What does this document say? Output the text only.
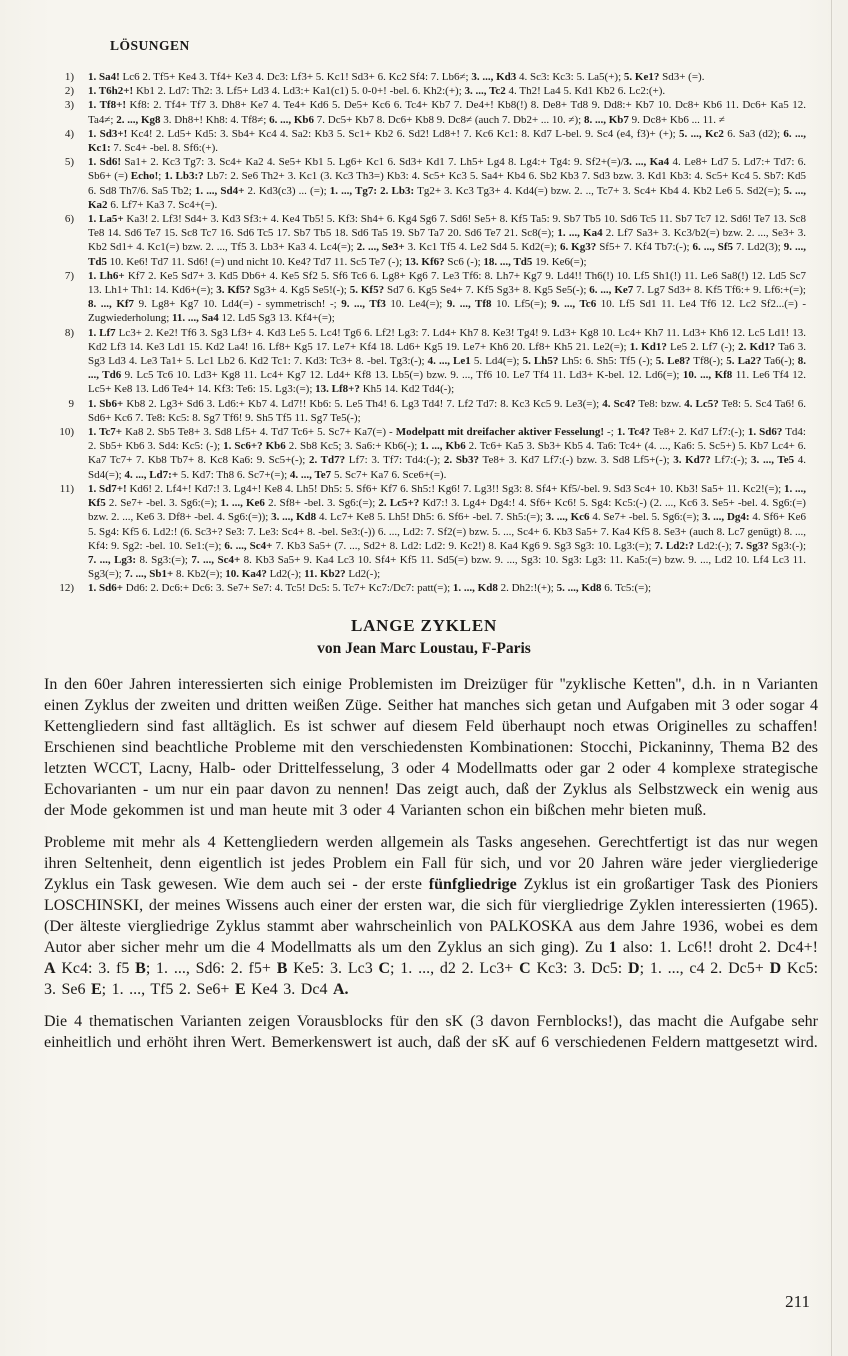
LÖSUNGEN
1)	1. Sa4! Lc6 2. Tf5+ Ke4 3. Tf4+ Ke3 4. Dc3: Lf3+ 5. Kc1! Sd3+ 6. Kc2 Sf4: 7. Lb6≠; 3. ..., Kd3 4. Sc3: Kc3: 5. La5(+); 5. Ke1? Sd3+ (=).
2)	1. T6h2+! Kb1 2. Ld7: Th2: 3. Lf5+ Ld3 4. Ld3:+ Ka1(c1) 5. 0-0+! -bel. 6. Kh2:(+); 3. ..., Tc2 4. Th2! La4 5. Kd1 Kb2 6. Lc2:(+).
3)	1. Tf8+! Kf8: 2. Tf4+ Tf7 3. Dh8+ Ke7 4. Te4+ Kd6 5. De5+ Kc6 6. Tc4+ Kb7 7. De4+! Kb8(!) 8. De8+ Td8 9. Dd8:+ Kb7 10. Dc8+ Kb6 11. Dc6+ Ka5 12. Ta4≠; 2. ..., Kg8 3. Dh8+! Kh8: 4. Tf8≠; 6. ..., Kb6 7. Dc5+ Kb7 8. Dc6+ Kb8 9. Dc8≠ (auch 7. Db2+ ... 10. ≠); 8. ..., Kb7 9. Dc8+ Kb6 ... 11. ≠
4)	1. Sd3+! Kc4! 2. Ld5+ Kd5: 3. Sb4+ Kc4 4. Sa2: Kb3 5. Sc1+ Kb2 6. Sd2! Ld8+! 7. Kc6 Kc1: 8. Kd7 L-bel. 9. Sc4 (e4, f3)+ (+); 5. ..., Kc2 6. Sa3 (d2); 6. ..., Kc1: 7. Sc4+ -bel. 8. Sf6:(+).
5)	1. Sd6! Sa1+ 2. Kc3 Tg7: 3. Sc4+ Ka2 4. Se5+ Kb1 5. Lg6+ Kc1 6. Sd3+ Kd1 7. Lh5+ Lg4 8. Lg4:+ Tg4: 9. Sf2+(=)/3. ..., Ka4 4. Le8+ Ld7 5. Ld7:+ Td7: 6. Sb6+ (=) Echo!; 1. Lb3:? Lb7: 2. Se6 Th2+ 3. Kc1 (3. Kc3 Th3=) Kb3: 4. Sc5+ Kc3 5. Sa4+ Kb4 6. Sb2 Kb3 7. Sd3 bzw. 3. Kd1 Kb3: 4. Sc5+ Kc4 5. Sb7: Kd5 6. Sd8 Th7/6. Sa5 Tb2; 1. ..., Sd4+ 2. Kd3(c3) ... (=); 1. ..., Tg7: 2. Lb3: Tg2+ 3. Kc3 Tg3+ 4. Kd4(=) bzw. 2. .., Tc7+ 3. Sc4+ Kb4 4. Kb2 Le6 5. Sd2(=); 5. ..., Ka2 6. Lf7+ Ka3 7. Sc4+(=).
6)	1. La5+ Ka3! 2. Lf3! Sd4+ 3. Kd3 Sf3:+ 4. Ke4 Tb5! 5. Kf3: Sh4+ 6. Kg4 Sg6 7. Sd6! Se5+ 8. Kf5 Ta5: 9. Sb7 Tb5 10. Sd6 Tc5 11. Sb7 Tc7 12. Sd6! Te7 13. Sc8 Te8 14. Sd6 Te7 15. Sc8 Tc7 16. Sd6 Tc5 17. Sb7 Tb5 18. Sd6 Ta5 19. Sb7 Ta7 20. Sd6 Te7 21. Sc8(=); 1. ..., Ka4 2. Lf7 Sa3+ 3. Kc3/b2(=) bzw. 2. ..., Se3+ 3. Kb2 Sd1+ 4. Kc1(=) bzw. 2. ..., Tf5 3. Lb3+ Ka3 4. Lc4(=); 2. ..., Se3+ 3. Kc1 Tf5 4. Le2 Sd4 5. Kd2(=); 6. Kg3? Sf5+ 7. Kf4 Tb7:(-); 6. ..., Sf5 7. Ld2(3); 9. ..., Td5 10. Ke6! Td7 11. Sd6! (=) und nicht 10. Ke4? Td7 11. Sc5 Te7 (-); 13. Kf6? Sc6 (-); 18. ..., Td5 19. Ke6(=);
7)	1. Lh6+ Kf7 2. Ke5 Sd7+ 3. Kd5 Db6+ 4. Ke5 Sf2 5. Sf6 Tc6 6. Lg8+ Kg6 7. Le3 Tf6: 8. Lh7+ Kg7 9. Ld4!! Th6(!) 10. Lf5 Sh1(!) 11. Le6 Sa8(!) 12. Ld5 Sc7 13. Lh1+ Th1: 14. Kd6+(=); 3. Kf5? Sg3+ 4. Kg5 Se5!(-); 5. Kf5? Sd7 6. Kg5 Se4+ 7. Kf5 Sg3+ 8. Kg5 Se5(-); 6. ..., Ke7 7. Lg7 Sd3+ 8. Kf5 Tf6:+ 9. Lf6:+(=); 8. ..., Kf7 9. Lg8+ Kg7 10. Ld4(=) - symmetrisch! -; 9. ..., Tf3 10. Le4(=); 9. ..., Tf8 10. Lf5(=); 9. ..., Tc6 10. Lf5 Sd1 11. Le4 Tf6 12. Lc2 Sf2...(=) - Zugwiederholung; 11. ..., Sa4 12. Ld5 Sg3 13. Kf4+(=);
8)	1. Lf7 Lc3+ 2. Ke2! Tf6 3. Sg3 Lf3+ 4. Kd3 Le5 5. Lc4! Tg6 6. Lf2! Lg3: 7. Ld4+ Kh7 8. Ke3! Tg4! 9. Ld3+ Kg8 10. Lc4+ Kh7 11. Ld3+ Kh6 12. Lc5 Ld1! 13. Kd2 Lf3 14. Ke3 Ld1 15. Kd2 La4! 16. Lf8+ Kg5 17. Le7+ Kf4 18. Ld6+ Kg5 19. Le7+ Kh6 20. Lf8+ Kh5 21. Le2(=); 1. Kd1? Le5 2. Lf7 (-); 2. Kd1? Ta6 3. Sg3 Ld3 4. Le3 Ta1+ 5. Lc1 Lb2 6. Kd2 Tc1: 7. Kd3: Tc3+ 8. -bel. Tg3:(-); 4. ..., Le1 5. Ld4(=); 5. Lh5? Lh5: 6. Sh5: Tf5 (-); 5. Le8? Tf8(-); 5. La2? Ta6(-); 8. ..., Td6 9. Lc5 Tc6 10. Ld3+ Kg8 11. Lc4+ Kg7 12. Ld4+ Kf8 13. Lb5(=) bzw. 9. ..., Tf6 10. Le7 Tf4 11. Ld3+ K-bel. 12. Ld6(=); 10. ..., Kf8 11. Le6 Tf4 12. Lc5+ Ke8 13. Ld6 Te4+ 14. Kf3: Te6: 15. Lg3:(=); 13. Lf8+? Kh5 14. Kd2 Td4(-);
9	1. Sb6+ Kb8 2. Lg3+ Sd6 3. Ld6:+ Kb7 4. Ld7!! Kb6: 5. Le5 Th4! 6. Lg3 Td4! 7. Lf2 Td7: 8. Kc3 Kc5 9. Le3(=); 4. Sc4? Te8: bzw. 4. Lc5? Te8: 5. Sc4 Ta6! 6. Sd6+ Kc6 7. Te8: Kc5: 8. Sg7 Tf6! 9. Sh5 Tf5 11. Sg7 Te5(-);
10)	1. Tc7+ Ka8 2. Sb5 Te8+ 3. Sd8 Lf5+ 4. Td7 Tc6+ 5. Sc7+ Ka7(=) - Modelpatt mit dreifacher aktiver Fesselung! -; 1. Tc4? Te8+ 2. Kd7 Lf7:(-); 1. Sd6? Td4: 2. Sb5+ Kb6 3. Sd4: Kc5: (-); 1. Sc6+? Kb6 2. Sb8 Kc5; 3. Sa6:+ Kb6(-); 1. ..., Kb6 2. Tc6+ Ka5 3. Sb3+ Kb5 4. Ta6: Tc4+ (4. ..., Ka6: 5. Sc5+) 5. Kb7 Lc4+ 6. Ka7 Tc7+ 7. Kb8 Tb7+ 8. Kc8 Ka6: 9. Sc5+(-); 2. Td7? Lf7: 3. Tf7: Td4:(-); 2. Sb3? Te8+ 3. Kd7 Lf7:(-) bzw. 3. Sd8 Lf5+(-); 3. Kd7? Lf7:(-); 3. ..., Te5 4. Sd4(=); 4. ..., Ld7:+ 5. Kd7: Th8 6. Sc7+(=); 4. ..., Te7 5. Sc7+ Ka7 6. Sce6+(=).
11)	1. Sd7+! Kd6! 2. Lf4+! Kd7:! 3. Lg4+! Ke8 4. Lh5! Dh5: 5. Sf6+ Kf7 6. Sh5:! Kg6! 7. Lg3!! Sg3: 8. Sf4+ Kf5/-bel. 9. Sd3 Sc4+ 10. Kb3! Sa5+ 11. Kc2!(=); 1. ..., Kf5 2. Se7+ -bel. 3. Sg6:(=); 1. ..., Ke6 2. Sf8+ -bel. 3. Sg6:(=); 2. Lc5+? Kd7:! 3. Lg4+ Dg4:! 4. Sf6+ Kc6! 5. Sg4: Kc5:(-) (2. ..., Kc6 3. Se5+ -bel. 4. Sg6:(=) bzw. 2. ..., Ke6 3. Df8+ -bel. 4. Sg6:(=)); 3. ..., Kd8 4. Lc7+ Ke8 5. Lh5! Dh5: 6. Sf6+ -bel. 7. Sh5:(=); 3. ..., Kc6 4. Se7+ -bel. 5. Sg6:(=); 3. ..., Dg4: 4. Sf6+ Ke6 5. Sg4: Kf5 6. Ld2:! (6. Sc3+? Se3: 7. Le3: Sc4+ 8. -bel. Se3:(-)) 6. ..., Ld2: 7. Sf2(=) bzw. 5. ..., Sc4+ 6. Kb3 Sa5+ 7. Ka4 Kf5 8. Se3+ (auch 8. Lc7 genügt) 8. ..., Kf4: 9. Sg2: -bel. 10. Se1:(=); 6. ..., Sc4+ 7. Kb3 Sa5+ (7. ..., Sd2+ 8. Ld2: Ld2: 9. Kc2!) 8. Ka4 Kg6 9. Sg3 Sg3: 10. Lg3:(=); 7. Ld2:? Ld2:(-); 7. Sg3? Sg3:(-); 7. ..., Lg3: 8. Sg3:(=); 7. ..., Sc4+ 8. Kb3 Sa5+ 9. Ka4 Lc3 10. Sf4+ Kf5 11. Sd5(=) bzw. 9. ..., Sg3: 10. Sg3: Lg3: 11. Ka5:(=) bzw. 9. ..., Ld2 10. Lf4 Lc3 11. Sg3(=); 7. ..., Sb1+ 8. Kb2(=); 10. Ka4? Ld2(-); 11. Kb2? Ld2(-);
12)	1. Sd6+ Dd6: 2. Dc6:+ Dc6: 3. Se7+ Se7: 4. Tc5! Dc5: 5. Tc7+ Kc7:/Dc7: patt(=); 1. ..., Kd8 2. Dh2:!(+); 5. ..., Kd8 6. Tc5:(=);
LANGE ZYKLEN
von Jean Marc Loustau, F-Paris

In den 60er Jahren interessierten sich einige Problemisten im Dreizüger für ''zyklische Ketten'', d.h. in n Varianten einen Zyklus der zweiten und dritten weißen Züge. Seither hat manches sich getan und Aufgaben mit 3 oder sogar 4 Kettengliedern sind fast alltäglich. Es ist schwer auf diesem Feld überhaupt noch etwas Originelles zu schaffen! Erschienen sind beachtliche Probleme mit den verschiedensten Kombinationen: Stocchi, Pickaninny, Thema B2 des letzten WCCT, Lacny, Halb- oder Drittelfesselung, 3 oder 4 Modellmatts oder gar 2 oder 4 komplexe strategische Echovarianten - um nur ein paar davon zu nennen! Das zeigt auch, daß der Zyklus als Selbstzweck ein wenig aus der Mode gekommen ist und man heute mit 3 oder 4 Varianten schon ein bißchen mehr bieten muß.

Probleme mit mehr als 4 Kettengliedern werden allgemein als Tasks angesehen. Gerechtfertigt ist das nur wegen ihren Seltenheit, denn eigentlich ist jedes Problem ein Fall für sich, und vor 20 Jahren wäre jeder viergliederige Zyklus ein Task gewesen. Wie dem auch sei - der erste fünfgliedrige Zyklus ist ein großartiger Task des Pioniers LOSCHINSKI, der meines Wissens auch einer der ersten war, die sich für viergliedrige Zyklen interessierten (1965). (Der älteste viergliedrige Zyklus stammt aber wahrscheinlich von PALKOSKA aus dem Jahre 1936, wobei es dem Autor aber sicher mehr um die 4 Modellmatts als um den Zyklus an sich ging). Zu 1 also: 1. Lc6!! droht 2. Dc4+! A Kc4: 3. f5 B; 1. ..., Sd6: 2. f5+ B Ke5: 3. Lc3 C; 1. ..., d2 2. Lc3+ C Kc3: 3. Dc5: D; 1. ..., c4 2. Dc5+ D Kc5: 3. Se6 E; 1. ..., Tf5 2. Se6+ E Ke4 3. Dc4 A.

Die 4 thematischen Varianten zeigen Vorausblocks für den sK (3 davon Fernblocks!), das macht die Aufgabe sehr einheitlich und erhöht ihren Wert. Bemerkenswert ist auch, daß der sK auf 6 verschiedenen Feldern mattgesetzt wird.

211
